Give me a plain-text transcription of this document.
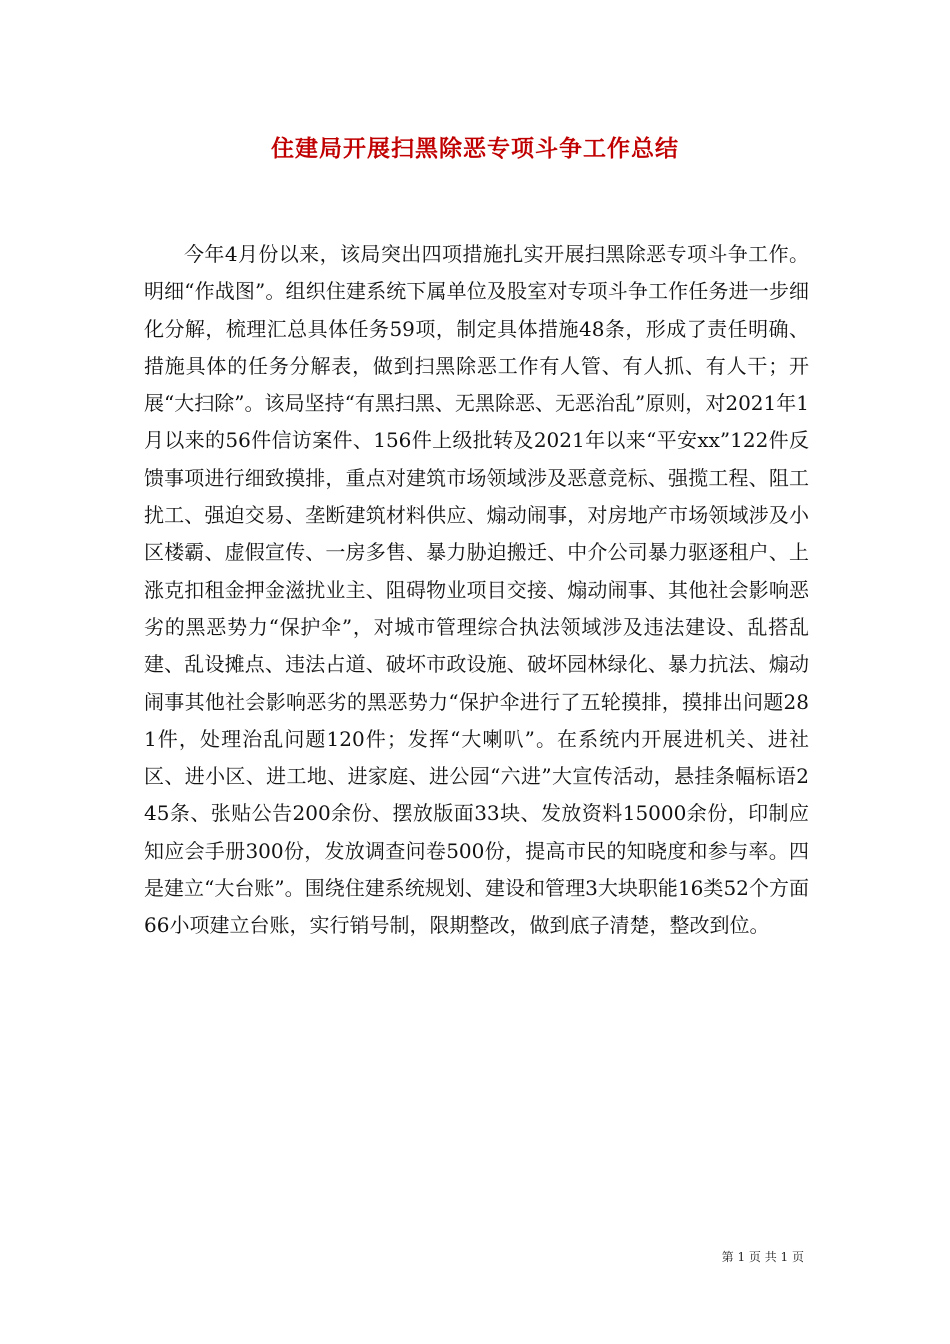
住建局开展扫黑除恶专项斗争工作总结

今年4月份以来，该局突出四项措施扎实开展扫黑除恶专项斗争工作。明细“作战图”。组织住建系统下属单位及股室对专项斗争工作任务进一步细化分解，梳理汇总具体任务59项，制定具体措施48条，形成了责任明确、措施具体的任务分解表，做到扫黑除恶工作有人管、有人抓、有人干；开展“大扫除”。该局坚持“有黑扫黑、无黑除恶、无恶治乱”原则，对2021年1月以来的56件信访案件、156件上级批转及2021年以来“平安xx”122件反馈事项进行细致摸排，重点对建筑市场领域涉及恶意竞标、强揽工程、阻工扰工、强迫交易、垄断建筑材料供应、煽动闹事，对房地产市场领域涉及小区楼霸、虚假宣传、一房多售、暴力胁迫搬迁、中介公司暴力驱逐租户、上涨克扣租金押金滋扰业主、阻碍物业项目交接、煽动闹事、其他社会影响恶劣的黑恶势力“保护伞”，对城市管理综合执法领域涉及违法建设、乱搭乱建、乱设摊点、违法占道、破坏市政设施、破坏园林绿化、暴力抗法、煽动闹事其他社会影响恶劣的黑恶势力“保护伞进行了五轮摸排，摸排出问题281件，处理治乱问题120件；发挥“大喇叭”。在系统内开展进机关、进社区、进小区、进工地、进家庭、进公园“六进”大宣传活动，悬挂条幅标语245条、张贴公告200余份、摆放版面33块、发放资料15000余份，印制应知应会手册300份，发放调查问卷500份，提高市民的知晓度和参与率。四是建立“大台账”。围绕住建系统规划、建设和管理3大块职能16类52个方面66小项建立台账，实行销号制，限期整改，做到底子清楚，整改到位。

第 1 页 共 1 页
